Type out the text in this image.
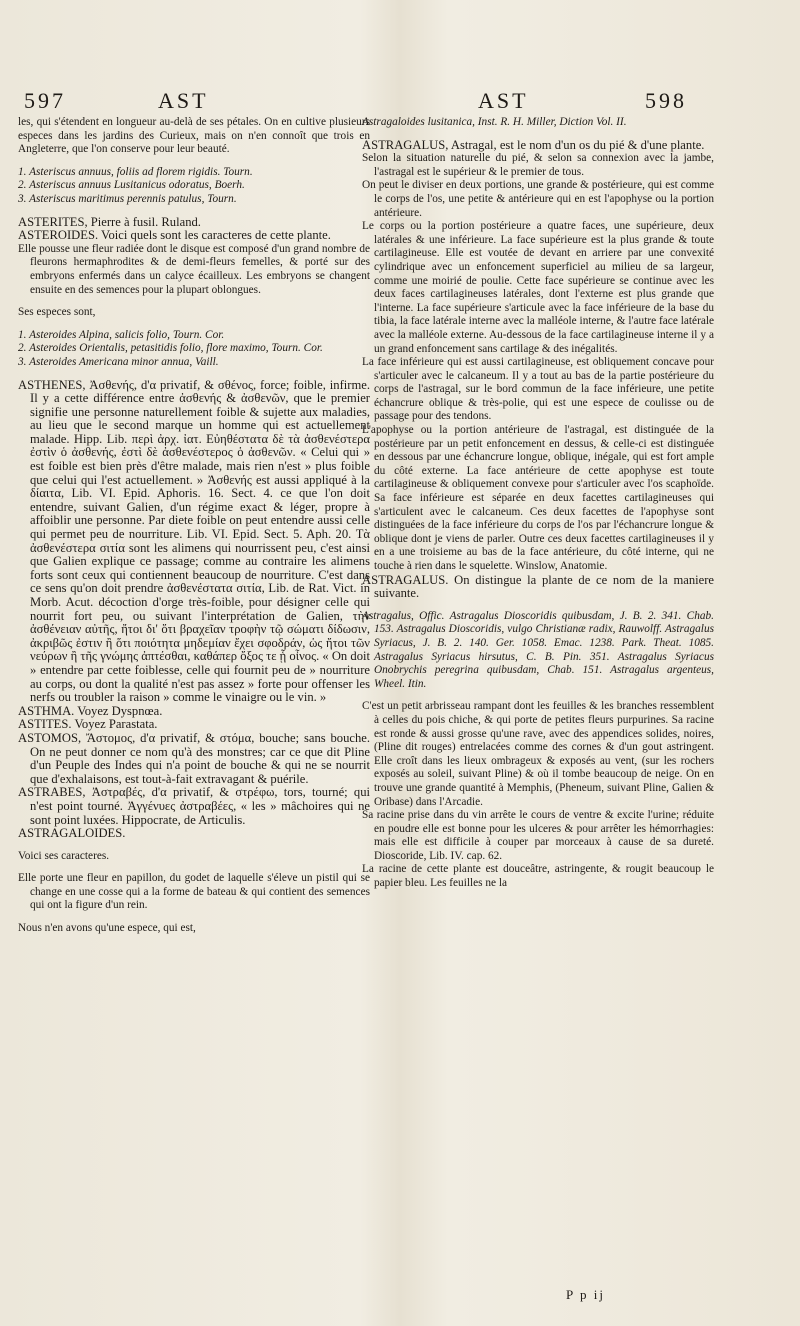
597	AST	AST	598

les, qui s'étendent en longueur au-delà de ses pétales. On en cultive plusieurs especes dans les jardins des Curieux, mais on n'en connoît que trois en Angleterre, que l'on conserve pour leur beauté.

1. Asteriscus annuus, foliis ad florem rigidis. Tourn.

2. Asteriscus annuus Lusitanicus odoratus, Boerh.

3. Asteriscus maritimus perennis patulus, Tourn.

ASTERITES, Pierre à fusil. Ruland.

ASTEROIDES. Voici quels sont les caracteres de cette plante.

Elle pousse une fleur radiée dont le disque est composé d'un grand nombre de fleurons hermaphrodites & de demi-fleurs femelles, & porté sur des embryons enfermés dans un calyce écailleux. Les embryons se changent ensuite en des semences pour la plupart oblongues.

Ses especes sont,

1. Asteroides Alpina, salicis folio, Tourn. Cor.

2. Asteroides Orientalis, petasitidis folio, flore maximo, Tourn. Cor.

3. Asteroides Americana minor annua, Vaill.

ASTHENES, Ἀσθενής, d'α privatif, & σθένος, force; foible, infirme. Il y a cette différence entre ἀσθενής & ἀσθενῶν, que le premier signifie une personne naturellement foible & sujette aux maladies, au lieu que le second marque un homme qui est actuellement malade. Hipp. Lib. περὶ ἀρχ. ἰατ. Εὐηθέστατα δὲ τὰ ἀσθενέστερα ἐστὶν ὁ ἀσθενής, ἐστὶ δὲ ἀσθενέστερος ὁ ἀσθενῶν. « Celui qui » est foible est bien près d'être malade, mais rien n'est » plus foible que celui qui l'est actuellement. » Ἀσθενής est aussi appliqué à la δίαιτα, Lib. VI. Epid. Aphoris. 16. Sect. 4. ce que l'on doit entendre, suivant Galien, d'un régime exact & léger, propre à affoiblir une personne. Par diete foible on peut entendre aussi celle qui permet peu de nourriture. Lib. VI. Epid. Sect. 5. Aph. 20. Τὰ ἀσθενέστερα σιτία sont les alimens qui nourrissent peu, c'est ainsi que Galien explique ce passage; comme au contraire les alimens forts sont ceux qui contiennent beaucoup de nourriture. C'est dans ce sens qu'on doit prendre ἀσθενέστατα σιτία, Lib. de Rat. Vict. in Morb. Acut. décoction d'orge très-foible, pour désigner celle qui nourrit fort peu, ou suivant l'interprétation de Galien, τὴν ἀσθένειαν αὐτῆς, ἤτοι δι' ὅτι βραχεῖαν τροφὴν τῷ σώματι δίδωσιν, ἀκριβῶς ἐστιν ἢ ὅτι ποιότητα μηδεμίαν ἔχει σφοδράν, ὡς ἤτοι τῶν νεύρων ἢ τῆς γνώμης ἀπτέσθαι, καθάπερ ὄξος τε ᾗ οἶνος. « On doit » entendre par cette foiblesse, celle qui fournit peu de » nourriture au corps, ou dont la qualité n'est pas assez » forte pour offenser les nerfs ou troubler la raison » comme le vinaigre ou le vin. »

ASTHMA. Voyez Dyspnœa.

ASTITES. Voyez Parastata.

ASTOMOS, Ἄστομος, d'α privatif, & στόμα, bouche; sans bouche. On ne peut donner ce nom qu'à des monstres; car ce que dit Pline d'un Peuple des Indes qui n'a point de bouche & qui ne se nourrit que d'exhalaisons, est tout-à-fait extravagant & puérile.

ASTRABES, Ἀστραβές, d'α privatif, & στρέφω, tors, tourné; qui n'est point tourné. Ἀγγένυες ἀστραβέες, « les » mâchoires qui ne sont point luxées. Hippocrate, de Articulis.

ASTRAGALOIDES.

Voici ses caracteres.

Elle porte une fleur en papillon, du godet de laquelle s'éleve un pistil qui se change en une cosse qui a la forme de bateau & qui contient des semences qui ont la figure d'un rein.

Nous n'en avons qu'une espece, qui est,

Astragaloides lusitanica, Inst. R. H. Miller, Diction Vol. II.

ASTRAGALUS, Astragal, est le nom d'un os du pié & d'une plante.

Selon la situation naturelle du pié, & selon sa connexion avec la jambe, l'astragal est le supérieur & le premier de tous.

On peut le diviser en deux portions, une grande & postérieure, qui est comme le corps de l'os, une petite & antérieure qui en est l'apophyse ou la portion antérieure.

Le corps ou la portion postérieure a quatre faces, une supérieure, deux latérales & une inférieure. La face supérieure est la plus grande & toute cartilagineuse. Elle est voutée de devant en arriere par une convexité cylindrique avec un enfoncement superficiel au milieu de sa largeur, comme une moirié de poulie. Cette face supérieure se continue avec les deux faces cartilagineuses latérales, dont l'externe est plus grande que l'interne. La face supérieure s'articule avec la face inférieure de la base du tibia, la face latérale interne avec la malléole interne, & l'autre face latérale avec la malléole externe. Au-dessous de la face cartilagineuse interne il y a un grand enfoncement sans cartilage & des inégalités.

La face inférieure qui est aussi cartilagineuse, est obliquement concave pour s'articuler avec le calcaneum. Il y a tout au bas de la partie postérieure du corps de l'astragal, sur le bord commun de la face inférieure, une petite échancrure oblique & très-polie, qui est une espece de coulisse ou de passage pour des tendons.

L'apophyse ou la portion antérieure de l'astragal, est distinguée de la postérieure par un petit enfoncement en dessus, & celle-ci est distinguée en dessous par une échancrure longue, oblique, inégale, qui est fort ample du côté externe. La face antérieure de cette apophyse est toute cartilagineuse & obliquement convexe pour s'articuler avec l'os scaphoïde. Sa face inférieure est séparée en deux facettes cartilagineuses qui s'articulent avec le calcaneum. Ces deux facettes de l'apophyse sont distinguées de la face inférieure du corps de l'os par l'échancrure longue & oblique dont je viens de parler. Outre ces deux facettes cartilagineuses il y en a une troisieme au bas de la face antérieure, du côté interne, qui ne touche à rien dans le squelette. Winslow, Anatomie.

ASTRAGALUS. On distingue la plante de ce nom de la maniere suivante.

Astragalus, Offic. Astragalus Dioscoridis quibusdam, J. B. 2. 341. Chab. 153. Astragalus Dioscoridis, vulgo Christianæ radix, Rauwolff. Astragalus Syriacus, J. B. 2. 140. Ger. 1058. Emac. 1238. Park. Theat. 1085. Astragalus Syriacus hirsutus, C. B. Pin. 351. Astragalus Syriacus Onobrychis peregrina quibusdam, Chab. 151. Astragalus argenteus, Wheel. Itin.

C'est un petit arbrisseau rampant dont les feuilles & les branches ressemblent à celles du pois chiche, & qui porte de petites fleurs purpurines. Sa racine est ronde & aussi grosse qu'une rave, avec des appendices solides, noires, (Pline dit rouges) entrelacées comme des cornes & d'un gout astringent. Elle croît dans les lieux ombrageux & exposés au vent, (sur les rochers exposés au soleil, suivant Pline) & où il tombe beaucoup de neige. On en trouve une grande quantité à Memphis, (Pheneum, suivant Pline, Galien & Oribase) dans l'Arcadie.

Sa racine prise dans du vin arrête le cours de ventre & excite l'urine; réduite en poudre elle est bonne pour les ulceres & pour arrêter les hémorrhagies: mais elle est difficile à couper par morceaux à cause de sa dureté. Dioscoride, Lib. IV. cap. 62.

La racine de cette plante est douceâtre, astringente, & rougit beaucoup le papier bleu. Les feuilles ne la

P p ij
